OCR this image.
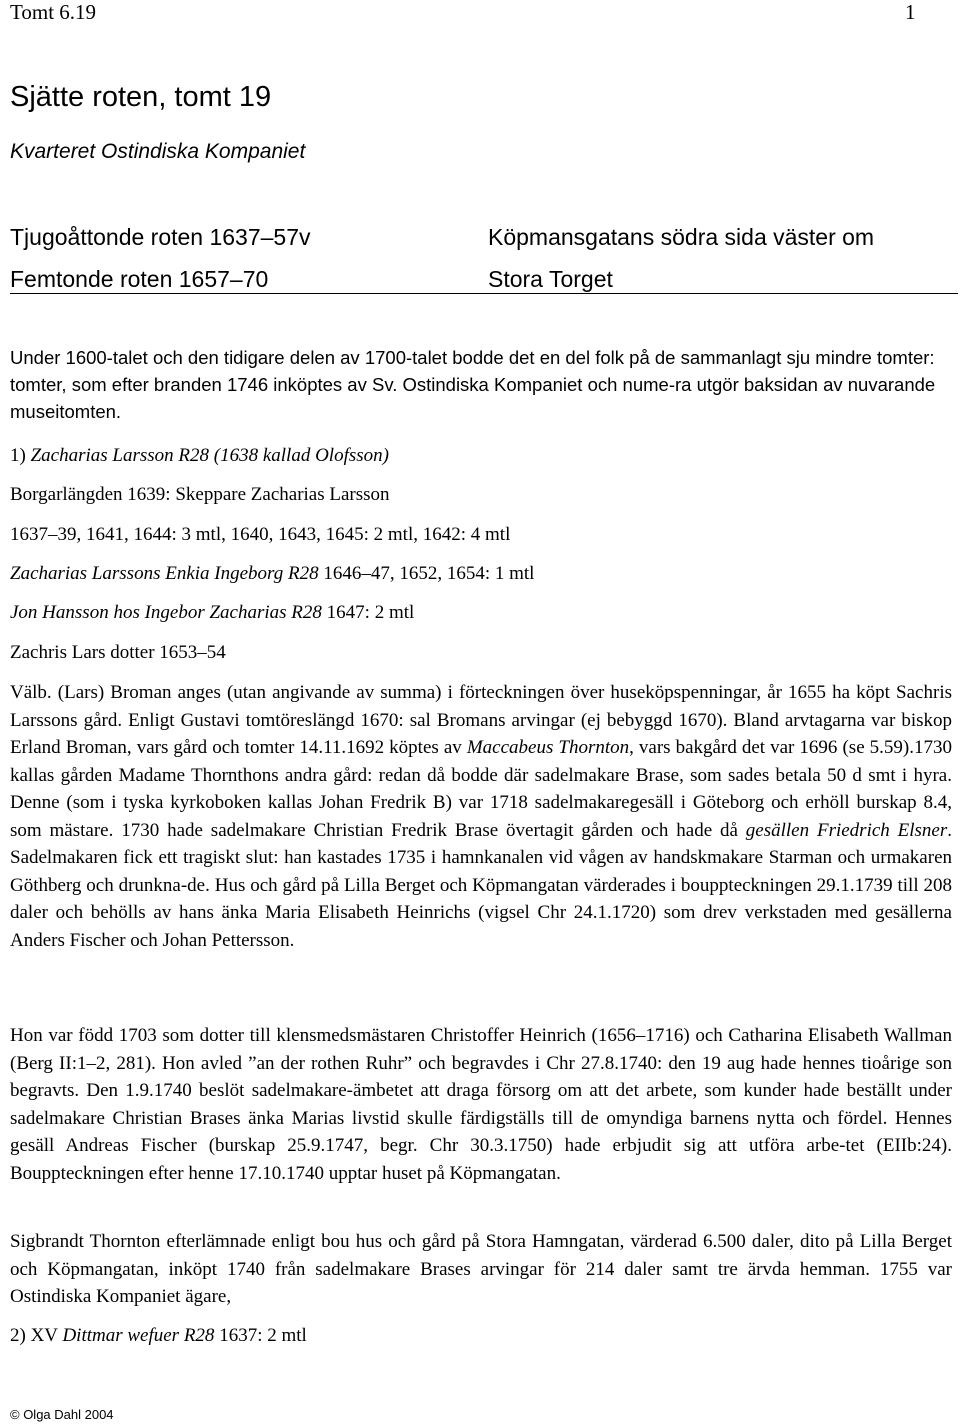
Tomt 6.19	1
Sjätte roten, tomt 19
Kvarteret Ostindiska Kompaniet
Tjugoåttonde roten 1637–57v
Femtonde roten 1657–70
Köpmansgatans södra sida väster om
Stora Torget
Under 1600-talet och den tidigare delen av 1700-talet bodde det en del folk på de sammanlagt sju mindre tomter: tomter, som efter branden 1746 inköptes av Sv. Ostindiska Kompaniet och nume-ra utgör baksidan av nuvarande museitomten.
1) Zacharias Larsson R28 (1638 kallad Olofsson)
Borgarlängden 1639: Skeppare Zacharias Larsson
1637–39, 1641, 1644: 3 mtl, 1640, 1643, 1645: 2 mtl, 1642: 4 mtl
Zacharias Larssons Enkia Ingeborg R28 1646–47, 1652, 1654: 1 mtl
Jon Hansson hos Ingebor Zacharias R28 1647: 2 mtl
Zachris Lars dotter 1653–54
Välb. (Lars) Broman anges (utan angivande av summa) i förteckningen över huseköpspenningar, år 1655 ha köpt Sachris Larssons gård. Enligt Gustavi tomtöreslängd 1670: sal Bromans arvingar (ej bebyggd 1670). Bland arvtagarna var biskop Erland Broman, vars gård och tomter 14.11.1692 köptes av Maccabeus Thornton, vars bakgård det var 1696 (se 5.59).1730 kallas gården Madame Thornthons andra gård: redan då bodde där sadelmakare Brase, som sades betala 50 d smt i hyra. Denne (som i tyska kyrkoboken kallas Johan Fredrik B) var 1718 sadelmakaregesäll i Göteborg och erhöll burskap 8.4, som mästare. 1730 hade sadelmakare Christian Fredrik Brase övertagit gården och hade då gesällen Friedrich Elsner. Sadelmakaren fick ett tragiskt slut: han kastades 1735 i hamnkanalen vid vågen av handskmakare Starman och urmakaren Göthberg och drunkna-de. Hus och gård på Lilla Berget och Köpmangatan värderades i bouppteckningen 29.1.1739 till 208 daler och behölls av hans änka Maria Elisabeth Heinrichs (vigsel Chr 24.1.1720) som drev verkstaden med gesällerna Anders Fischer och Johan Pettersson.
Hon var född 1703 som dotter till klensmedsmästaren Christoffer Heinrich (1656–1716) och Catharina Elisabeth Wallman (Berg II:1–2, 281). Hon avled ”an der rothen Ruhr” och begravdes i Chr 27.8.1740: den 19 aug hade hennes tioårige son begravts. Den 1.9.1740 beslöt sadelmakare-ämbetet att draga försorg om att det arbete, som kunder hade beställt under sadelmakare Christian Brases änka Marias livstid skulle färdigställs till de omyndiga barnens nytta och fördel. Hennes gesäll Andreas Fischer (burskap 25.9.1747, begr. Chr 30.3.1750) hade erbjudit sig att utföra arbe-tet (EIIb:24). Bouppteckningen efter henne 17.10.1740 upptar huset på Köpmangatan.
Sigbrandt Thornton efterlämnade enligt bou hus och gård på Stora Hamngatan, värderad 6.500 daler, dito på Lilla Berget och Köpmangatan, inköpt 1740 från sadelmakare Brases arvingar för 214 daler samt tre ärvda hemman. 1755 var Ostindiska Kompaniet ägare,
2) XV Dittmar wefuer R28 1637: 2 mtl
© Olga Dahl 2004
